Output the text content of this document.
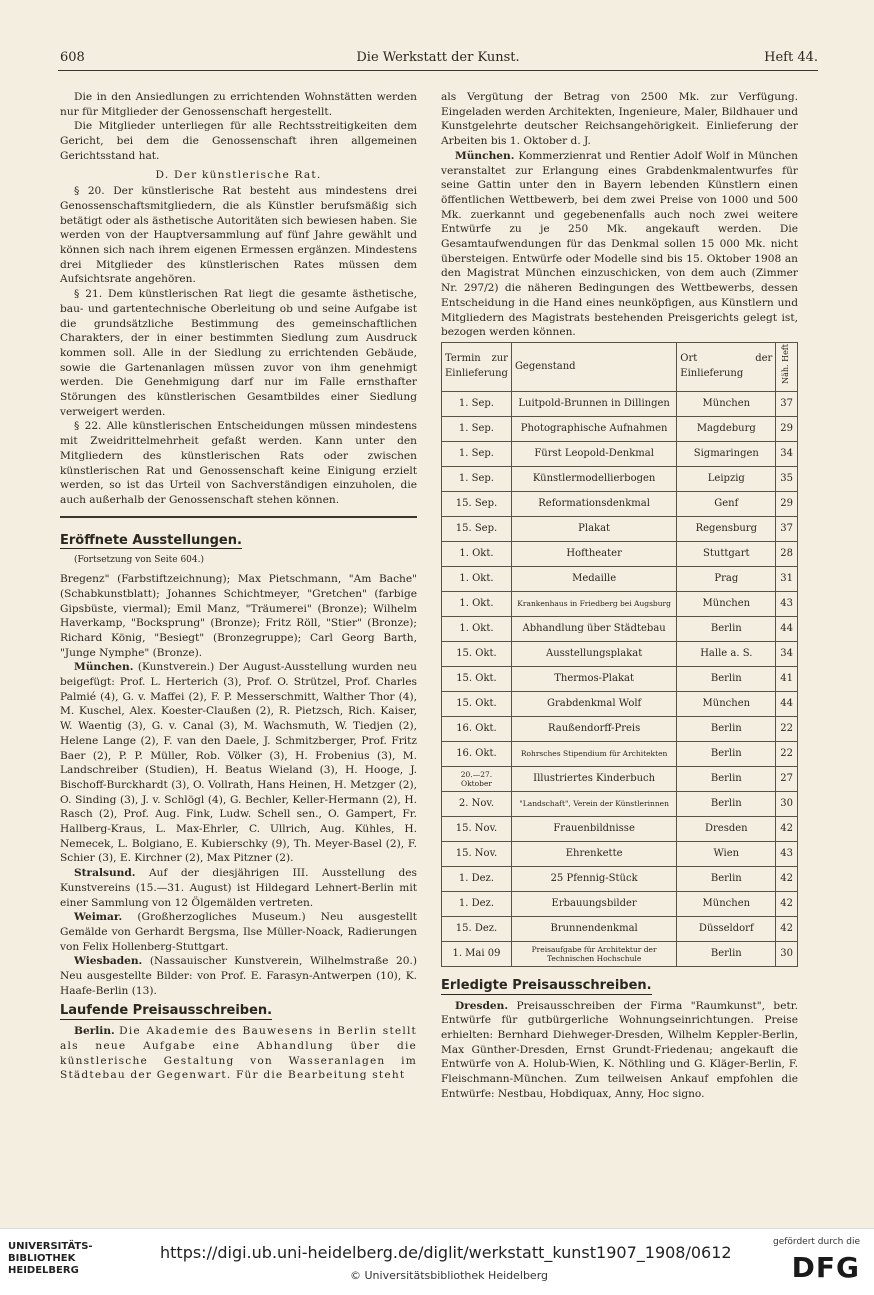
608	Die Werkstatt der Kunst.	Heft 44.

Die in den Ansiedlungen zu errichtenden Wohnstätten werden nur für Mitglieder der Genossenschaft hergestellt.

Die Mitglieder unterliegen für alle Rechtsstreitigkeiten dem Gericht, bei dem die Genossenschaft ihren allgemeinen Gerichtsstand hat.

D. Der künstlerische Rat.

§ 20. Der künstlerische Rat besteht aus mindestens drei Genossenschaftsmitgliedern, die als Künstler berufsmäßig sich betätigt oder als ästhetische Autoritäten sich bewiesen haben. Sie werden von der Hauptversammlung auf fünf Jahre gewählt und können sich nach ihrem eigenen Ermessen ergänzen. Mindestens drei Mitglieder des künstlerischen Rates müssen dem Aufsichtsrate angehören.

§ 21. Dem künstlerischen Rat liegt die gesamte ästhetische, bau- und gartentechnische Oberleitung ob und seine Aufgabe ist die grundsätzliche Bestimmung des gemeinschaftlichen Charakters, der in einer bestimmten Siedlung zum Ausdruck kommen soll. Alle in der Siedlung zu errichtenden Gebäude, sowie die Gartenanlagen müssen zuvor von ihm genehmigt werden. Die Genehmigung darf nur im Falle ernsthafter Störungen des künstlerischen Gesamtbildes einer Siedlung verweigert werden.

§ 22. Alle künstlerischen Entscheidungen müssen mindestens mit Zweidrittelmehrheit gefaßt werden. Kann unter den Mitgliedern des künstlerischen Rats oder zwischen künstlerischen Rat und Genossenschaft keine Einigung erzielt werden, so ist das Urteil von Sachverständigen einzuholen, die auch außerhalb der Genossenschaft stehen können.

Eröffnete Ausstellungen.

(Fortsetzung von Seite 604.)

Bregenz" (Farbstiftzeichnung); Max Pietschmann, "Am Bache" (Schabkunstblatt); Johannes Schichtmeyer, "Gretchen" (farbige Gipsbüste, viermal); Emil Manz, "Träumerei" (Bronze); Wilhelm Haverkamp, "Bocksprung" (Bronze); Fritz Röll, "Stier" (Bronze); Richard König, "Besiegt" (Bronzegruppe); Carl Georg Barth, "Junge Nymphe" (Bronze).

München. (Kunstverein.) Der August-Ausstellung wurden neu beigefügt: Prof. L. Herterich (3), Prof. O. Strützel, Prof. Charles Palmié (4), G. v. Maffei (2), F. P. Messerschmitt, Walther Thor (4), M. Kuschel, Alex. Koester-Claußen (2), R. Pietzsch, Rich. Kaiser, W. Waentig (3), G. v. Canal (3), M. Wachsmuth, W. Tiedjen (2), Helene Lange (2), F. van den Daele, J. Schmitzberger, Prof. Fritz Baer (2), P. P. Müller, Rob. Völker (3), H. Frobenius (3), M. Landschreiber (Studien), H. Beatus Wieland (3), H. Hooge, J. Bischoff-Burckhardt (3), O. Vollrath, Hans Heinen, H. Metzger (2), O. Sinding (3), J. v. Schlögl (4), G. Bechler, Keller-Hermann (2), H. Rasch (2), Prof. Aug. Fink, Ludw. Schell sen., O. Gampert, Fr. Hallberg-Kraus, L. Max-Ehrler, C. Ullrich, Aug. Kühles, H. Nemecek, L. Bolgiano, E. Kubierschky (9), Th. Meyer-Basel (2), F. Schier (3), E. Kirchner (2), Max Pitzner (2).

Stralsund. Auf der diesjährigen III. Ausstellung des Kunstvereins (15.—31. August) ist Hildegard Lehnert-Berlin mit einer Sammlung von 12 Ölgemälden vertreten.

Weimar. (Großherzogliches Museum.) Neu ausgestellt Gemälde von Gerhardt Bergsma, Ilse Müller-Noack, Radierungen von Felix Hollenberg-Stuttgart.

Wiesbaden. (Nassauischer Kunstverein, Wilhelmstraße 20.) Neu ausgestellte Bilder: von Prof. E. Farasyn-Antwerpen (10), K. Haafe-Berlin (13).

Laufende Preisausschreiben.

Berlin. Die Akademie des Bauwesens in Berlin stellt als neue Aufgabe eine Abhandlung über die künstlerische Gestaltung von Wasseranlagen im Städtebau der Gegenwart. Für die Bearbeitung steht

als Vergütung der Betrag von 2500 Mk. zur Verfügung. Eingeladen werden Architekten, Ingenieure, Maler, Bildhauer und Kunstgelehrte deutscher Reichsangehörigkeit. Einlieferung der Arbeiten bis 1. Oktober d. J.

München. Kommerzienrat und Rentier Adolf Wolf in München veranstaltet zur Erlangung eines Grabdenkmalentwurfes für seine Gattin unter den in Bayern lebenden Künstlern einen öffentlichen Wettbewerb, bei dem zwei Preise von 1000 und 500 Mk. zuerkannt und gegebenenfalls auch noch zwei weitere Entwürfe zu je 250 Mk. angekauft werden. Die Gesamtaufwendungen für das Denkmal sollen 15 000 Mk. nicht übersteigen. Entwürfe oder Modelle sind bis 15. Oktober 1908 an den Magistrat München einzuschicken, von dem auch (Zimmer Nr. 297/2) die näheren Bedingungen des Wettbewerbs, dessen Entscheidung in die Hand eines neunköpfigen, aus Künstlern und Mitgliedern des Magistrats bestehenden Preisgerichts gelegt ist, bezogen werden können.

Termin zur Einlieferung	Gegenstand	Ort der Einlieferung	Näh. Heft
1. Sep.	Luitpold-Brunnen in Dillingen	München	37
1. Sep.	Photographische Aufnahmen	Magdeburg	29
1. Sep.	Fürst Leopold-Denkmal	Sigmaringen	34
1. Sep.	Künstlermodellierbogen	Leipzig	35
15. Sep.	Reformationsdenkmal	Genf	29
15. Sep.	Plakat	Regensburg	37
1. Okt.	Hoftheater	Stuttgart	28
1. Okt.	Medaille	Prag	31
1. Okt.	Krankenhaus in Friedberg bei Augsburg	München	43
1. Okt.	Abhandlung über Städtebau	Berlin	44
15. Okt.	Ausstellungsplakat	Halle a. S.	34
15. Okt.	Thermos-Plakat	Berlin	41
15. Okt.	Grabdenkmal Wolf	München	44
16. Okt.	Raußendorff-Preis	Berlin	22
16. Okt.	Rohrsches Stipendium für Architekten	Berlin	22
20.—27. Oktober	Illustriertes Kinderbuch	Berlin	27
2. Nov.	"Landschaft", Verein der Künstlerinnen	Berlin	30
15. Nov.	Frauenbildnisse	Dresden	42
15. Nov.	Ehrenkette	Wien	43
1. Dez.	25 Pfennig-Stück	Berlin	42
1. Dez.	Erbauungsbilder	München	42
15. Dez.	Brunnendenkmal	Düsseldorf	42
1. Mai 09	Preisaufgabe für Architektur der Technischen Hochschule	Berlin	30
Erledigte Preisausschreiben.

Dresden. Preisausschreiben der Firma "Raumkunst", betr. Entwürfe für gutbürgerliche Wohnungseinrichtungen. Preise erhielten: Bernhard Diehweger-Dresden, Wilhelm Keppler-Berlin, Max Günther-Dresden, Ernst Grundt-Friedenau; angekauft die Entwürfe von A. Holub-Wien, K. Nöthling und G. Kläger-Berlin, F. Fleischmann-München. Zum teilweisen Ankauf empfohlen die Entwürfe: Nestbau, Hobdiquax, Anny, Hoc signo.

UNIVERSITÄTS-
BIBLIOTHEK
HEIDELBERG
https://digi.ub.uni-heidelberg.de/diglit/werkstatt_kunst1907_1908/0612
© Universitätsbibliothek Heidelberg
gefördert durch die
DFG
